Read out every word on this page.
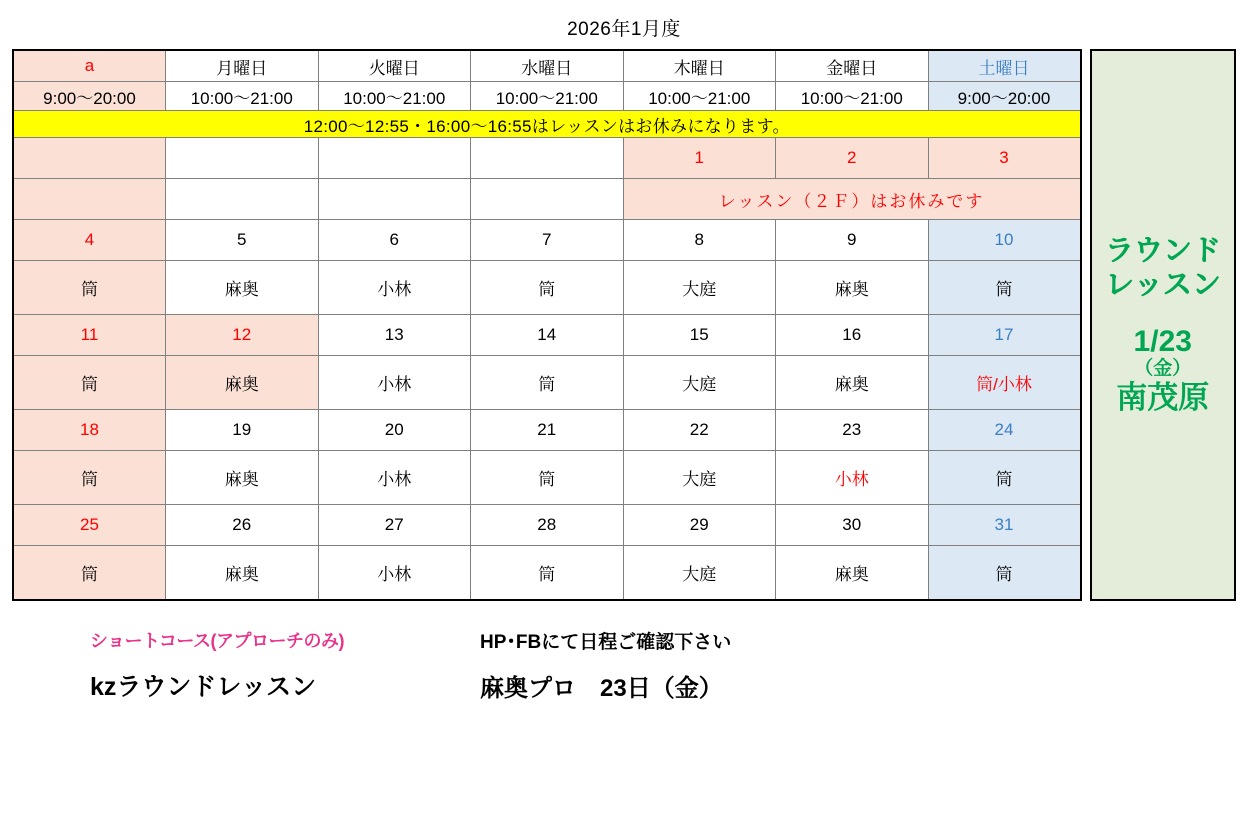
2026年1月度
a	月曜日	火曜日	水曜日	木曜日	金曜日	土曜日
9:00〜20:00	10:00〜21:00	10:00〜21:00	10:00〜21:00	10:00〜21:00	10:00〜21:00	9:00〜20:00
12:00〜12:55・16:00〜16:55はレッスンはお休みになります。						
				1	2	3
				レッスン（２Ｆ）はお休みです		
4	5	6	7	8	9	10
筒	麻奥	小林	筒	大庭	麻奥	筒
11	12	13	14	15	16	17
筒	麻奥	小林	筒	大庭	麻奥	筒/小林
18	19	20	21	22	23	24
筒	麻奥	小林	筒	大庭	小林	筒
25	26	27	28	29	30	31
筒	麻奥	小林	筒	大庭	麻奥	筒
ラウンド
レッスン
1/23
（金）
南茂原
ショートコース(アプローチのみ)
kzラウンドレッスン
HP･FBにて日程ご確認下さい
麻奥プロ　23日（金）
